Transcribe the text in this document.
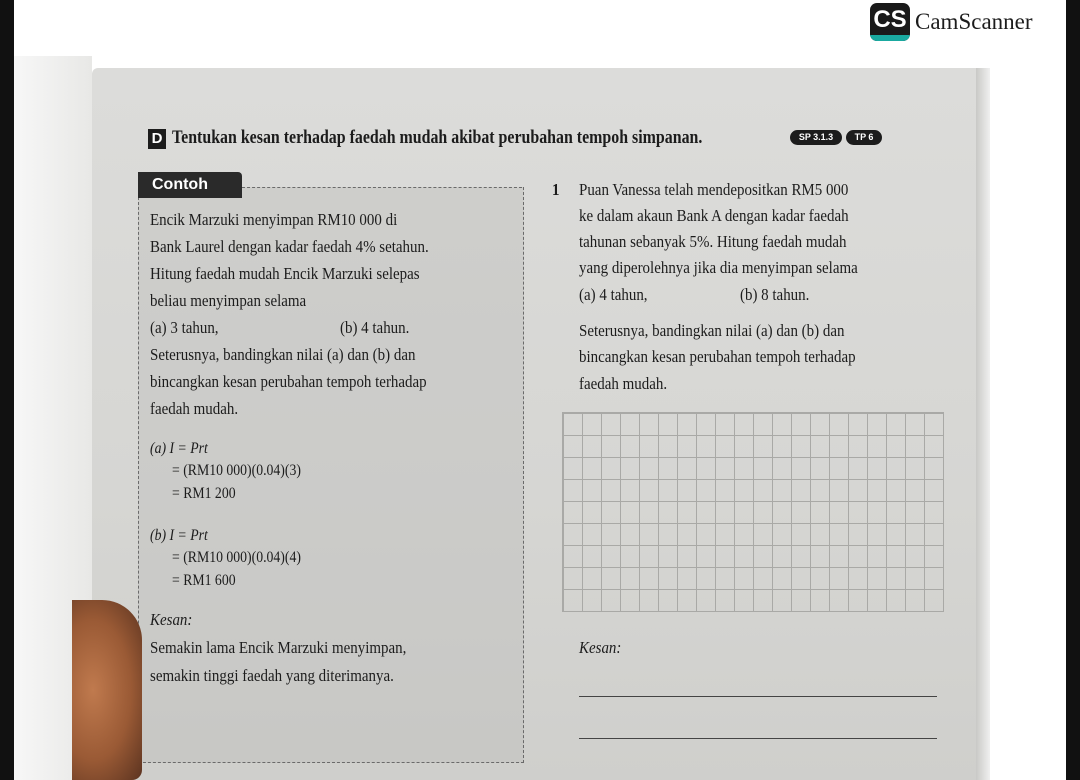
CS CamScanner
D Tentukan kesan terhadap faedah mudah akibat perubahan tempoh simpanan.	SP 3.1.3	TP 6
Contoh
Encik Marzuki menyimpan RM10 000 di
Bank Laurel dengan kadar faedah 4% setahun.
Hitung faedah mudah Encik Marzuki selepas
beliau menyimpan selama
(a) 3 tahun,	(b) 4 tahun.
Seterusnya, bandingkan nilai (a) dan (b) dan
bincangkan kesan perubahan tempoh terhadap
faedah mudah.
(a) I = Prt
= (RM10 000)(0.04)(3)
= RM1 200
(b) I = Prt
= (RM10 000)(0.04)(4)
= RM1 600
Kesan:
Semakin lama Encik Marzuki menyimpan,
semakin tinggi faedah yang diterimanya.
1 Puan Vanessa telah mendepositkan RM5 000
ke dalam akaun Bank A dengan kadar faedah
tahunan sebanyak 5%. Hitung faedah mudah
yang diperolehnya jika dia menyimpan selama
(a) 4 tahun,	(b) 8 tahun.
Seterusnya, bandingkan nilai (a) dan (b) dan
bincangkan kesan perubahan tempoh terhadap
faedah mudah.
Kesan:
